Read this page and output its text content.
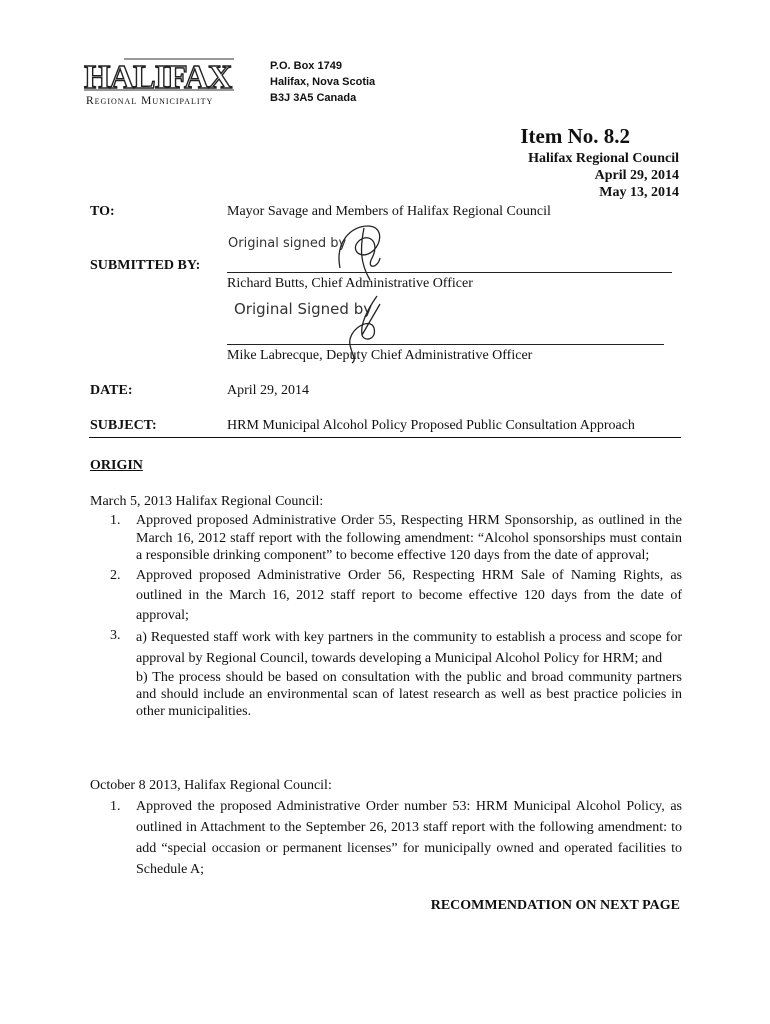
HALIFAX
Regional Municipality
P.O. Box 1749
Halifax, Nova Scotia
B3J 3A5 Canada
Item No. 8.2
Halifax Regional Council
April 29, 2014
May 13, 2014
TO:	Mayor Savage and Members of Halifax Regional Council
Original signed by
SUBMITTED BY:
Richard Butts, Chief Administrative Officer
Original Signed by
Mike Labrecque, Deputy Chief Administrative Officer
DATE:	April 29, 2014
SUBJECT:	HRM Municipal Alcohol Policy Proposed Public Consultation Approach
ORIGIN
March 5, 2013 Halifax Regional Council:
1. Approved proposed Administrative Order 55, Respecting HRM Sponsorship, as outlined in the March 16, 2012 staff report with the following amendment: “Alcohol sponsorships must contain a responsible drinking component” to become effective 120 days from the date of approval;
2. Approved proposed Administrative Order 56, Respecting HRM Sale of Naming Rights, as outlined in the March 16, 2012 staff report to become effective 120 days from the date of approval;
3. a) Requested staff work with key partners in the community to establish a process and scope for approval by Regional Council, towards developing a Municipal Alcohol Policy for HRM; and

b) The process should be based on consultation with the public and broad community partners and should include an environmental scan of latest research as well as best practice policies in other municipalities.

October 8 2013, Halifax Regional Council:
1. Approved the proposed Administrative Order number 53: HRM Municipal Alcohol Policy, as outlined in Attachment to the September 26, 2013 staff report with the following amendment: to add “special occasion or permanent licenses” for municipally owned and operated facilities to Schedule A;
RECOMMENDATION ON NEXT PAGE
